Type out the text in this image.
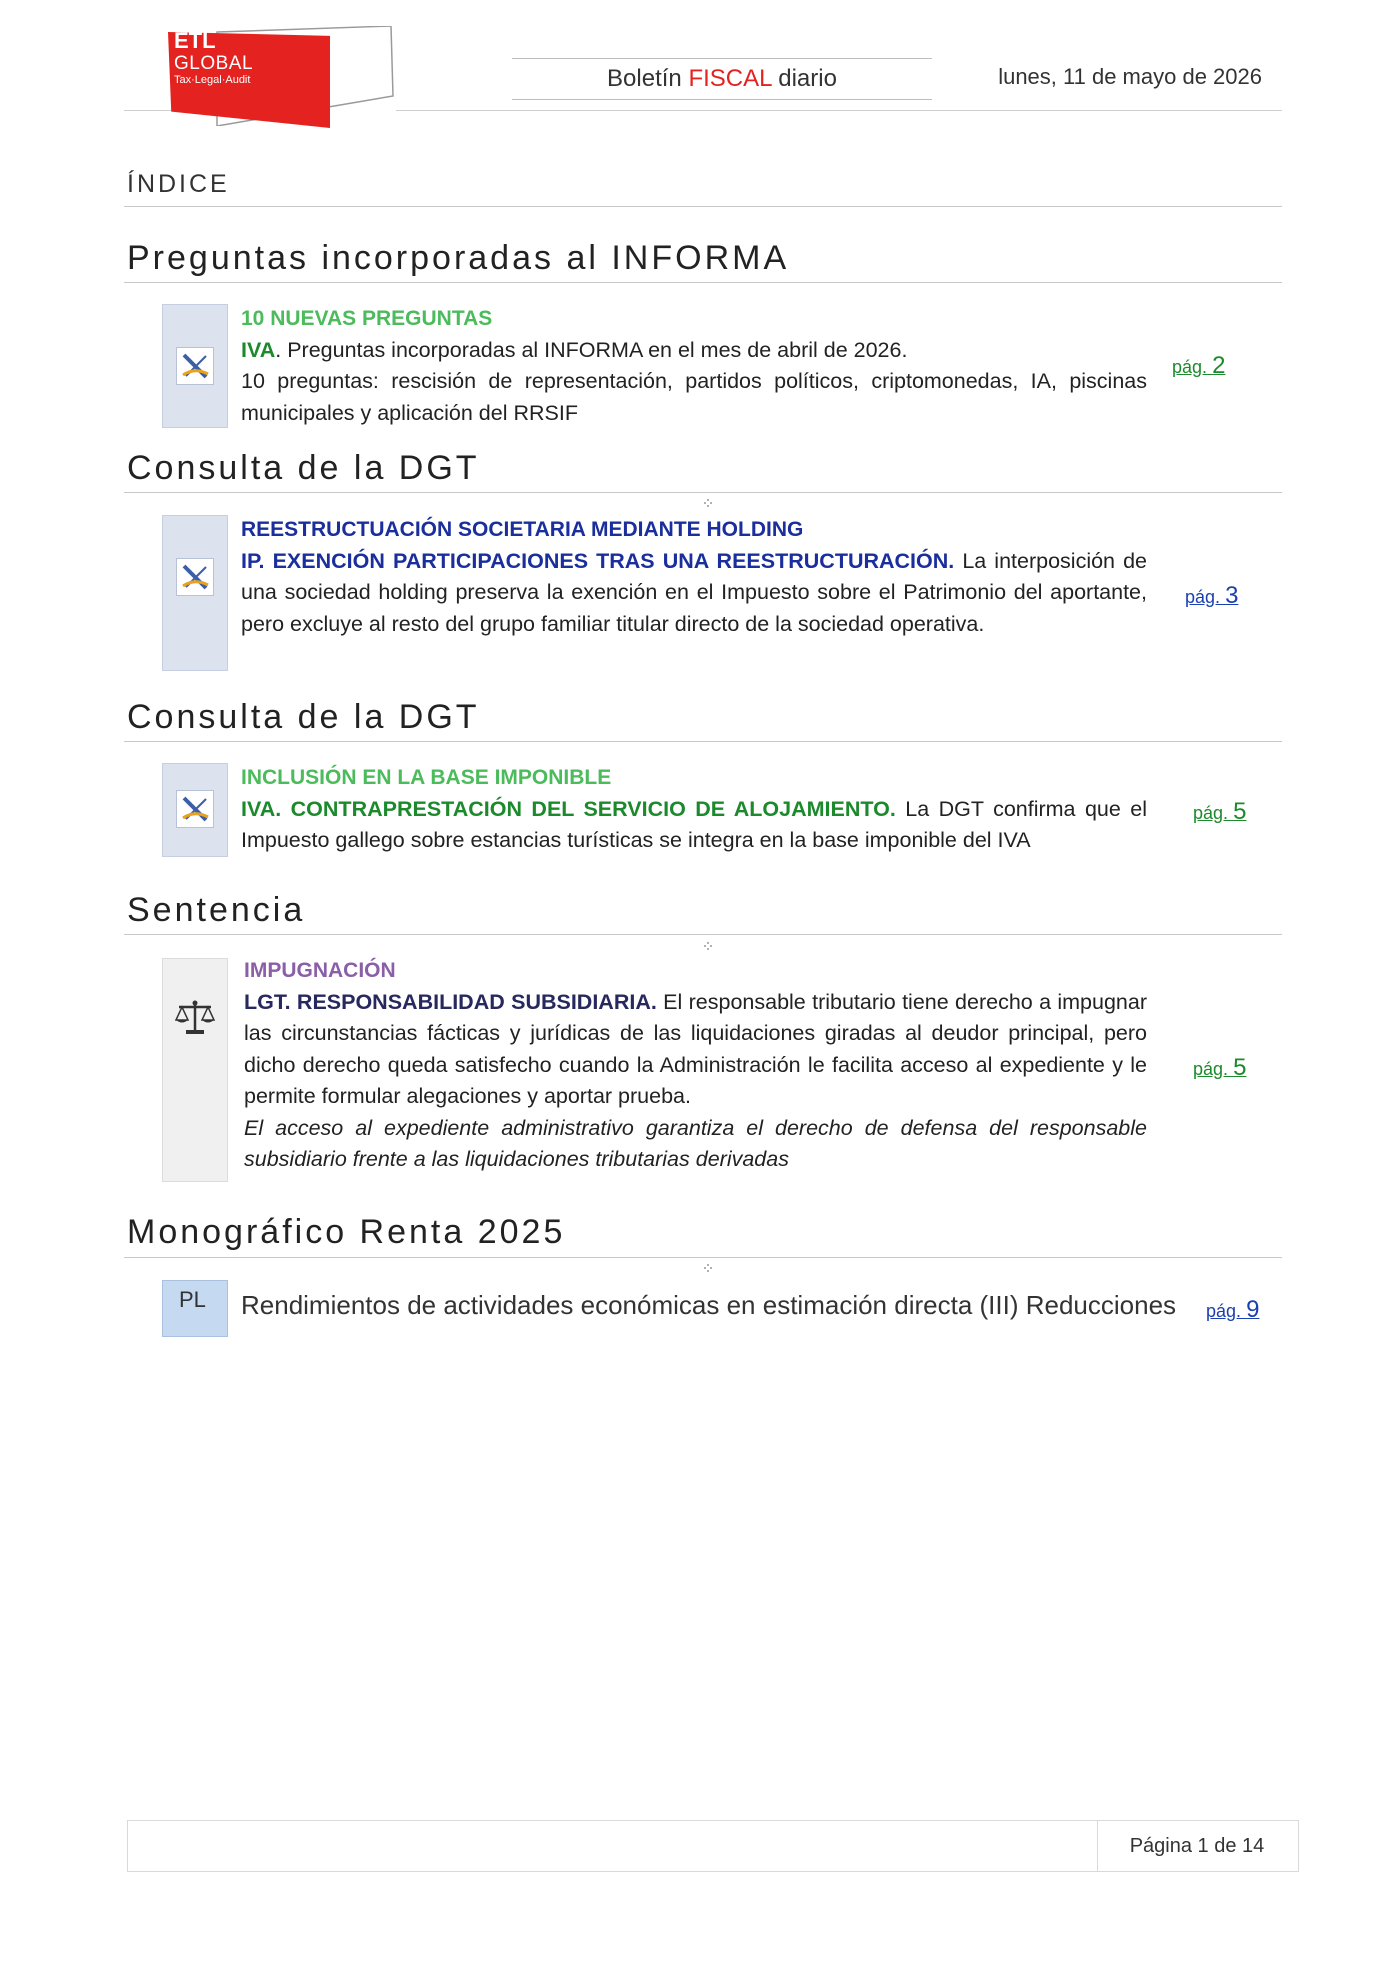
ETL
GLOBAL
Tax·Legal·Audit	Boletín FISCAL diario	lunes, 11 de mayo de 2026
ÍNDICE
Preguntas incorporadas al INFORMA

10 NUEVAS PREGUNTAS

IVA. Preguntas incorporadas al INFORMA en el mes de abril de 2026.

10 preguntas: rescisión de representación, partidos políticos, criptomonedas, IA, piscinas municipales y aplicación del RRSIF

pág. 2
Consulta de la DGT

REESTRUCTUACIÓN SOCIETARIA MEDIANTE HOLDING

IP. EXENCIÓN PARTICIPACIONES TRAS UNA REESTRUCTURACIÓN. La interposición de una sociedad holding preserva la exención en el Impuesto sobre el Patrimonio del aportante, pero excluye al resto del grupo familiar titular directo de la sociedad operativa.

pág. 3
Consulta de la DGT

INCLUSIÓN EN LA BASE IMPONIBLE

IVA. CONTRAPRESTACIÓN DEL SERVICIO DE ALOJAMIENTO. La DGT confirma que el Impuesto gallego sobre estancias turísticas se integra en la base imponible del IVA

pág. 5
Sentencia

IMPUGNACIÓN

LGT. RESPONSABILIDAD SUBSIDIARIA. El responsable tributario tiene derecho a impugnar las circunstancias fácticas y jurídicas de las liquidaciones giradas al deudor principal, pero dicho derecho queda satisfecho cuando la Administración le facilita acceso al expediente y le permite formular alegaciones y aportar prueba.

El acceso al expediente administrativo garantiza el derecho de defensa del responsable subsidiario frente a las liquidaciones tributarias derivadas

pág. 5
Monográfico Renta 2025
PL Rendimientos de actividades económicas en estimación directa (III) Reducciones pág. 9
Página 1 de 14
